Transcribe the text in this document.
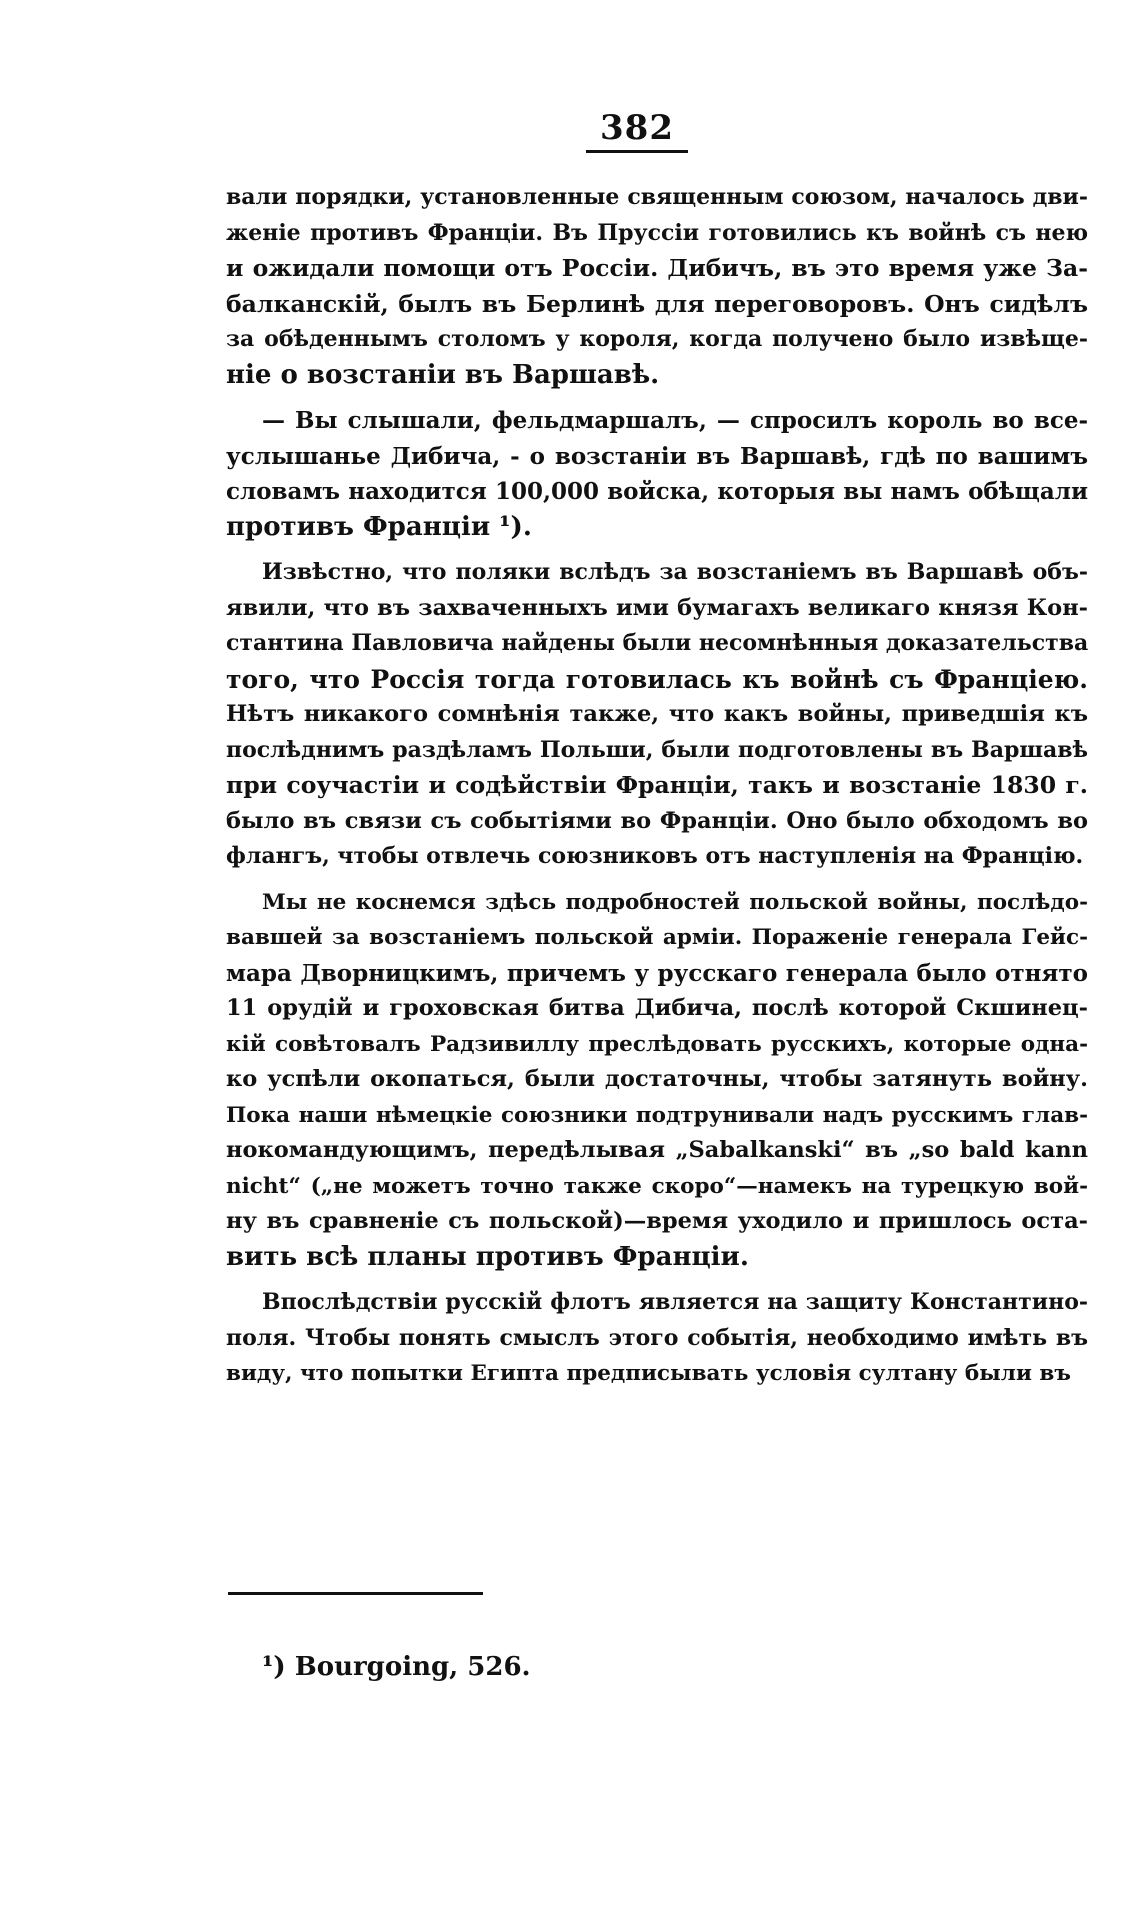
382
вали порядки, установленные священным союзом, началось дви-
женіе противъ Франціи. Въ Пруссіи готовились къ войнѣ съ нею
и ожидали помощи отъ Россіи. Дибичъ, въ это время уже За-
балканскій, былъ въ Берлинѣ для переговоровъ. Онъ сидѣлъ
за обѣденнымъ столомъ у короля, когда получено было извѣще-
ніе о возстаніи въ Варшавѣ.
— Вы слышали, фельдмаршалъ, — спросилъ король во все-
услышанье Дибича, - о возстаніи въ Варшавѣ, гдѣ по вашимъ
словамъ находится 100,000 войска, которыя вы намъ обѣщали
противъ Франціи ¹).
Извѣстно, что поляки вслѣдъ за возстаніемъ въ Варшавѣ объ-
явили, что въ захваченныхъ ими бумагахъ великаго князя Кон-
стантина Павловича найдены были несомнѣнныя доказательства
того, что Россія тогда готовилась къ войнѣ съ Франціею.
Нѣтъ никакого сомнѣнія также, что какъ войны, приведшія къ
послѣднимъ раздѣламъ Польши, были подготовлены въ Варшавѣ
при соучастіи и содѣйствіи Франціи, такъ и возстаніе 1830 г.
было въ связи съ событіями во Франціи. Оно было обходомъ во
флангъ, чтобы отвлечь союзниковъ отъ наступленія на Францію.
Мы не коснемся здѣсь подробностей польской войны, послѣдо-
вавшей за возстаніемъ польской арміи. Пораженіе генерала Гейс-
мара Дворницкимъ, причемъ у русскаго генерала было отнято
11 орудій и гроховская битва Дибича, послѣ которой Скшинец-
кій совѣтовалъ Радзивиллу преслѣдовать русскихъ, которые одна-
ко успѣли окопаться, были достаточны, чтобы затянуть войну.
Пока наши нѣмецкіе союзники подтрунивали надъ русскимъ глав-
нокомандующимъ, передѣлывая „Sabalkanski“ въ „so bald kann
nicht“ („не можетъ точно также скоро“—намекъ на турецкую вой-
ну въ сравненіе съ польской)—время уходило и пришлось оста-
вить всѣ планы противъ Франціи.
Впослѣдствіи русскій флотъ является на защиту Константино-
поля. Чтобы понять смыслъ этого событія, необходимо имѣть въ
виду, что попытки Египта предписывать условія султану были въ
¹) Bourgoing, 526.
